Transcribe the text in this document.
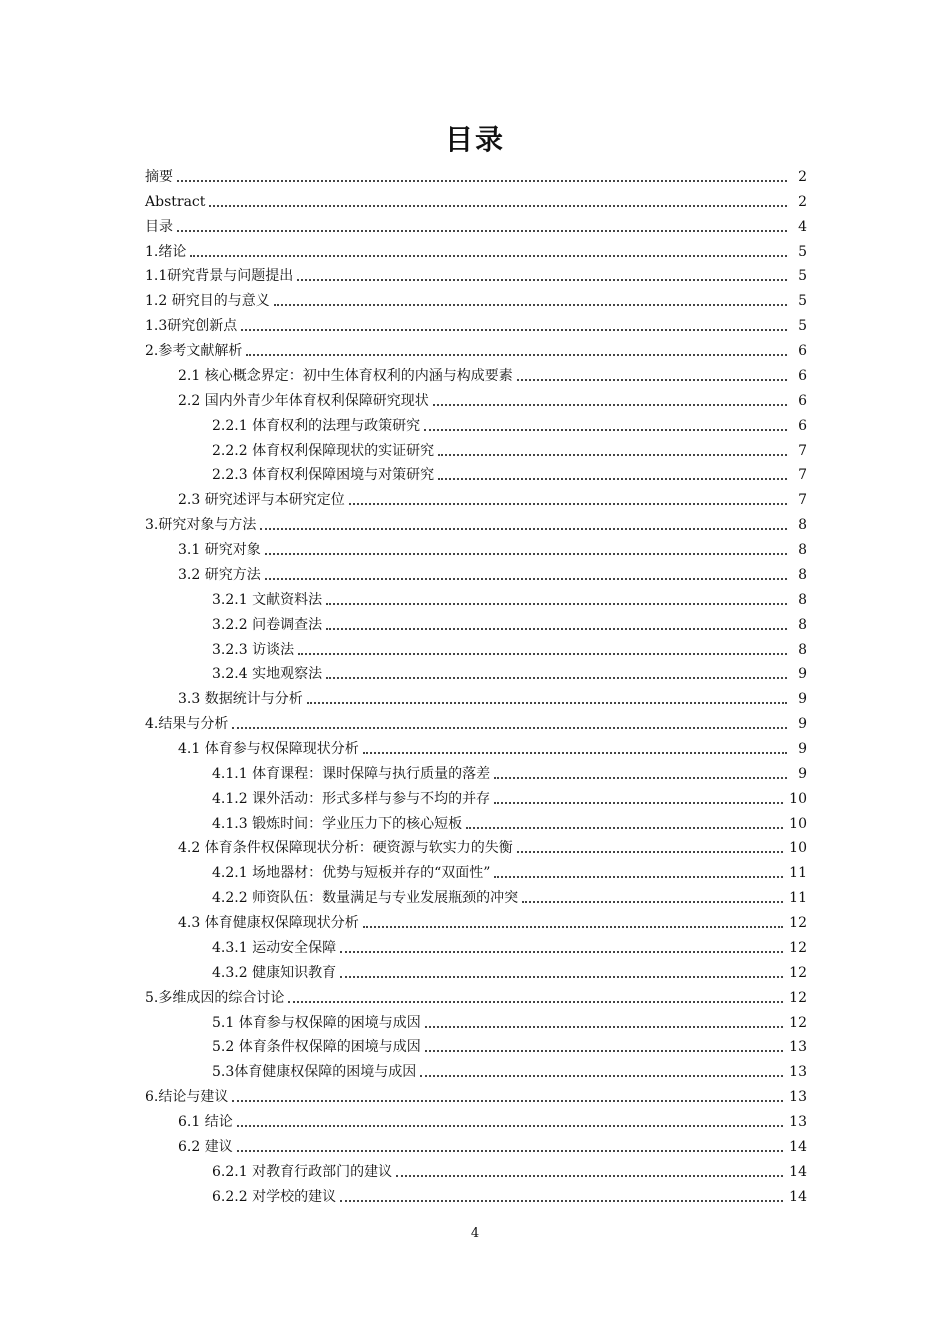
目录
摘要	2
Abstract	2
目录	4
1.绪论	5
1.1研究背景与问题提出	5
1.2 研究目的与意义	5
1.3研究创新点	5
2.参考文献解析	6
2.1 核心概念界定：初中生体育权利的内涵与构成要素	6
2.2 国内外青少年体育权利保障研究现状	6
2.2.1 体育权利的法理与政策研究	6
2.2.2 体育权利保障现状的实证研究	7
2.2.3 体育权利保障困境与对策研究	7
2.3 研究述评与本研究定位	7
3.研究对象与方法	8
3.1 研究对象	8
3.2 研究方法	8
3.2.1 文献资料法	8
3.2.2 问卷调查法	8
3.2.3 访谈法	8
3.2.4 实地观察法	9
3.3 数据统计与分析	9
4.结果与分析	9
4.1 体育参与权保障现状分析	9
4.1.1 体育课程：课时保障与执行质量的落差	9
4.1.2 课外活动：形式多样与参与不均的并存	10
4.1.3 锻炼时间：学业压力下的核心短板	10
4.2 体育条件权保障现状分析：硬资源与软实力的失衡	10
4.2.1 场地器材：优势与短板并存的“双面性”	11
4.2.2 师资队伍：数量满足与专业发展瓶颈的冲突	11
4.3 体育健康权保障现状分析	12
4.3.1 运动安全保障	12
4.3.2 健康知识教育	12
5.多维成因的综合讨论	12
5.1 体育参与权保障的困境与成因	12
5.2 体育条件权保障的困境与成因	13
5.3体育健康权保障的困境与成因	13
6.结论与建议	13
6.1 结论	13
6.2 建议	14
6.2.1 对教育行政部门的建议	14
6.2.2 对学校的建议	14
4
